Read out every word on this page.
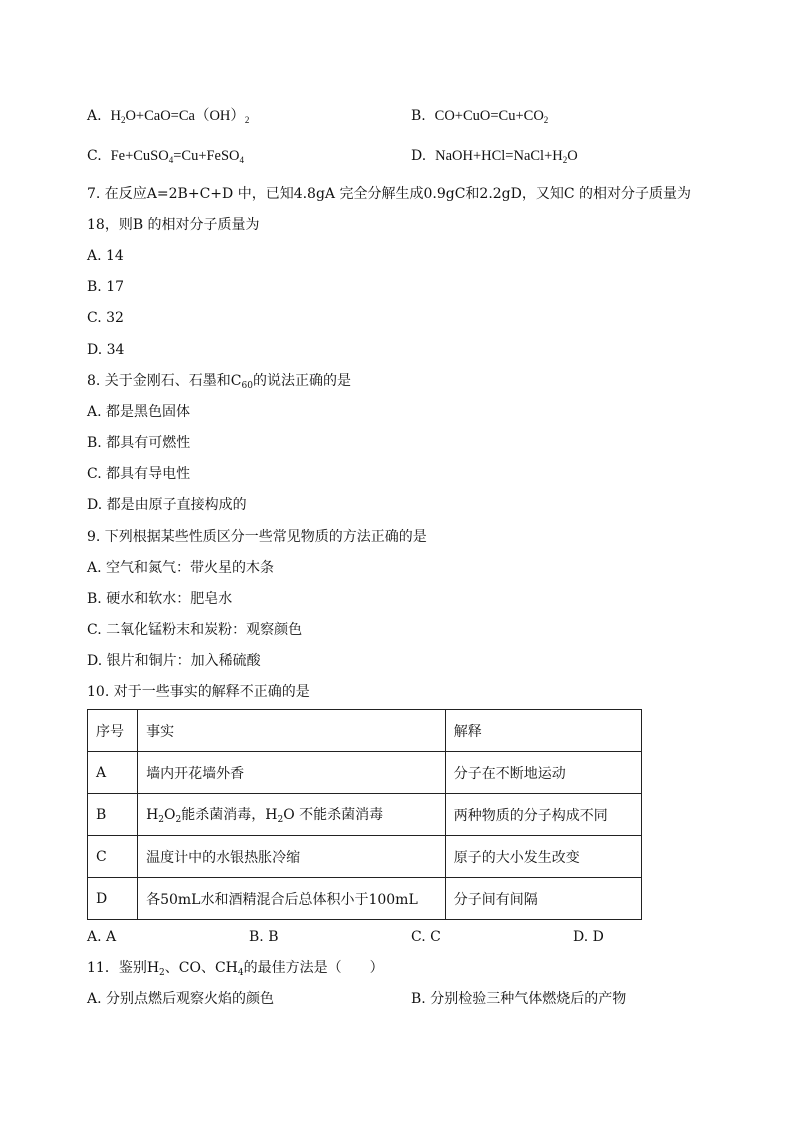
A. $H_2O+CaO=Ca(OH)_2$	B. $CO+CuO=Cu+CO_2$
C. Fe+CuSO$_4$=Cu+FeSO$_4$	D. $NaOH+HCl=NaCl+H_2O$
7. 在反应A=2B+C+D 中，已知4.8gA 完全分解生成0.9gC和2.2gD，又知C 的相对分子质量为
18，则B 的相对分子质量为
A. 14
B. 17
C. 32
D. 34
8. 关于金刚石、石墨和$C_{60}$的说法正确的是
A. 都是黑色固体
B. 都具有可燃性
C. 都具有导电性
D. 都是由原子直接构成的
9. 下列根据某些性质区分一些常见物质的方法正确的是
A. 空气和氮气：带火星的木条
B. 硬水和软水：肥皂水
C. 二氧化锰粉末和炭粉：观察颜色
D. 银片和铜片：加入稀硫酸
10. 对于一些事实的解释不正确的是
序号	事实	解释
A	墙内开花墙外香	分子在不断地运动
B	$H_2O_2$能杀菌消毒，$H_2O$ 不能杀菌消毒	两种物质的分子构成不同
C	温度计中的水银热胀冷缩	原子的大小发生改变
D	各50mL水和酒精混合后总体积小于100mL	分子间有间隔
A. A	B. B	C. C	D. D
11．鉴别$H_2$、CO、$CH_4$的最佳方法是（　　）
A. 分别点燃后观察火焰的颜色	B. 分别检验三种气体燃烧后的产物
